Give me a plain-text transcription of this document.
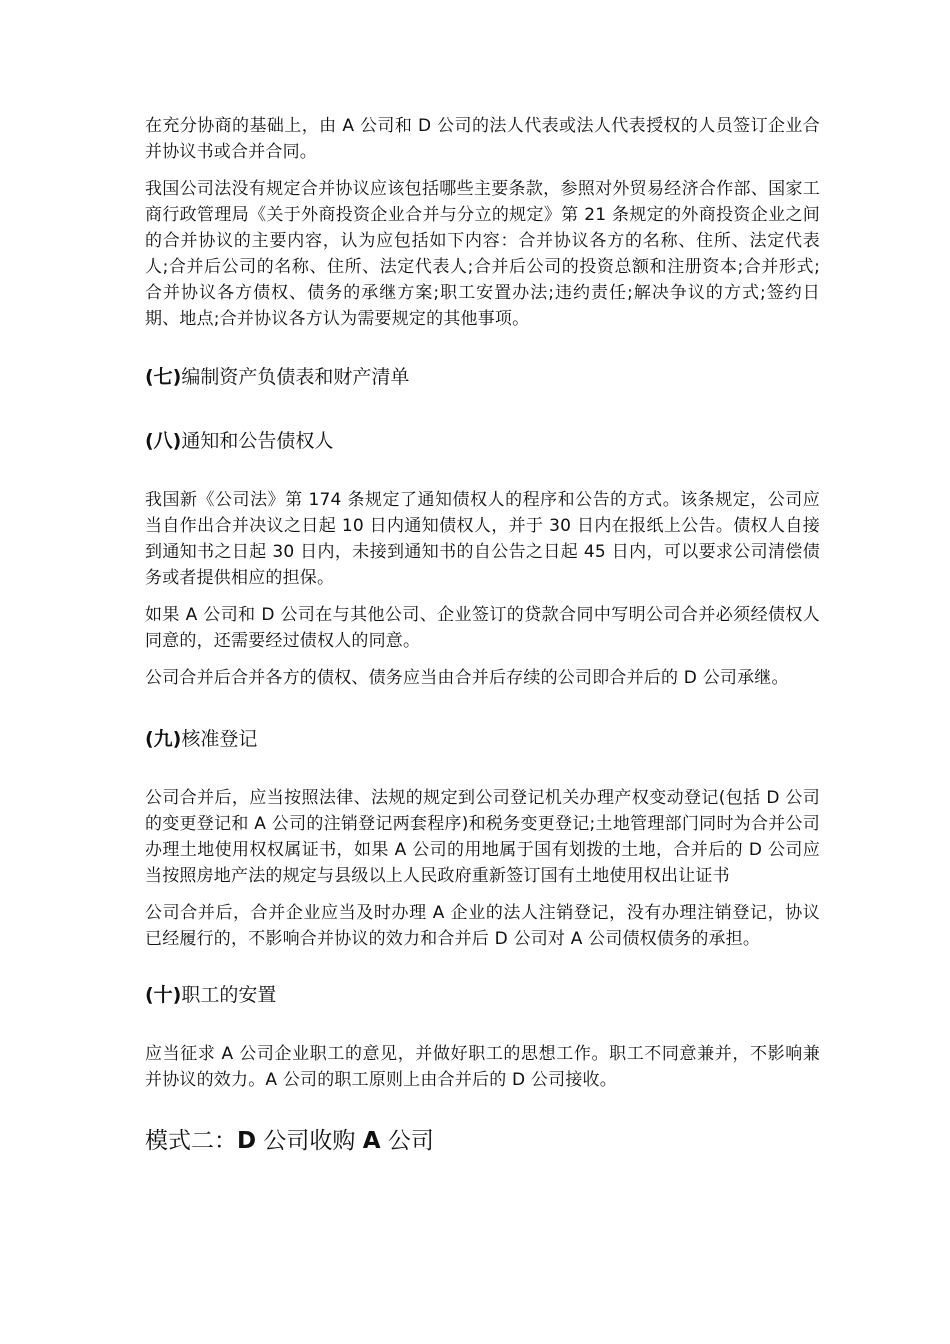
在充分协商的基础上，由 A 公司和 D 公司的法人代表或法人代表授权的人员签订企业合并协议书或合并合同。

我国公司法没有规定合并协议应该包括哪些主要条款，参照对外贸易经济合作部、国家工商行政管理局《关于外商投资企业合并与分立的规定》第 21 条规定的外商投资企业之间的合并协议的主要内容，认为应包括如下内容：合并协议各方的名称、住所、法定代表人;合并后公司的名称、住所、法定代表人;合并后公司的投资总额和注册资本;合并形式;合并协议各方债权、债务的承继方案;职工安置办法;违约责任;解决争议的方式;签约日期、地点;合并协议各方认为需要规定的其他事项。

(七)编制资产负债表和财产清单
(八)通知和公告债权人

我国新《公司法》第 174 条规定了通知债权人的程序和公告的方式。该条规定，公司应当自作出合并决议之日起 10 日内通知债权人，并于 30 日内在报纸上公告。债权人自接到通知书之日起 30 日内，未接到通知书的自公告之日起 45 日内，可以要求公司清偿债务或者提供相应的担保。

如果 A 公司和 D 公司在与其他公司、企业签订的贷款合同中写明公司合并必须经债权人同意的，还需要经过债权人的同意。

公司合并后合并各方的债权、债务应当由合并后存续的公司即合并后的 D 公司承继。

(九)核准登记

公司合并后，应当按照法律、法规的规定到公司登记机关办理产权变动登记(包括 D 公司的变更登记和 A 公司的注销登记两套程序)和税务变更登记;土地管理部门同时为合并公司办理土地使用权权属证书，如果 A 公司的用地属于国有划拨的土地，合并后的 D 公司应当按照房地产法的规定与县级以上人民政府重新签订国有土地使用权出让证书

公司合并后，合并企业应当及时办理 A 企业的法人注销登记，没有办理注销登记，协议已经履行的，不影响合并协议的效力和合并后 D 公司对 A 公司债权债务的承担。

(十)职工的安置

应当征求 A 公司企业职工的意见，并做好职工的思想工作。职工不同意兼并，不影响兼并协议的效力。A 公司的职工原则上由合并后的 D 公司接收。

模式二：D 公司收购 A 公司
